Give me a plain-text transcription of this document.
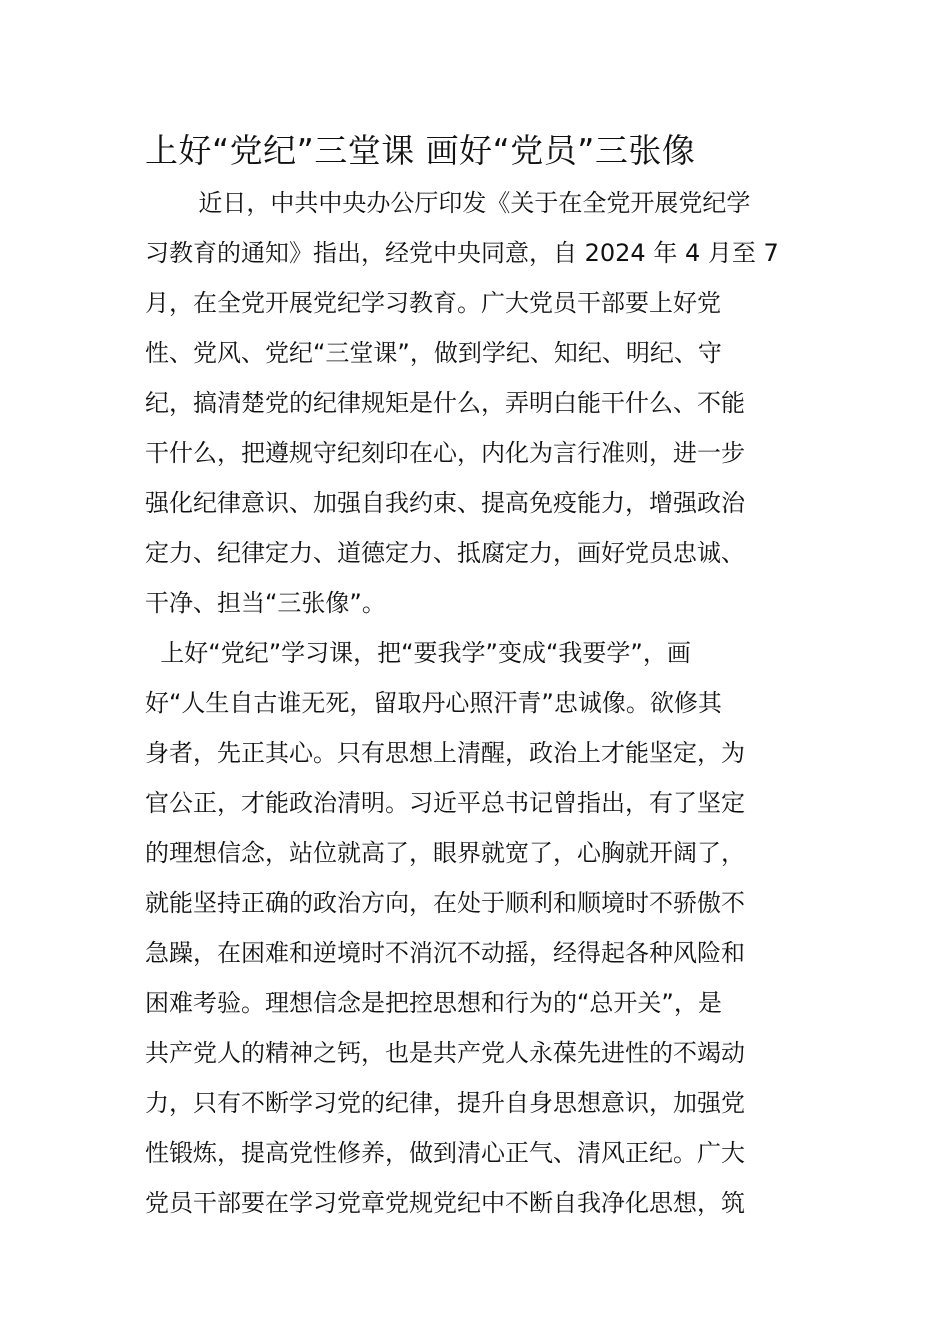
上好“党纪”三堂课 画好“党员”三张像
近日，中共中央办公厅印发《关于在全党开展党纪学
习教育的通知》指出，经党中央同意，自 2024 年 4 月至 7
月，在全党开展党纪学习教育。广大党员干部要上好党
性、党风、党纪“三堂课”，做到学纪、知纪、明纪、守
纪，搞清楚党的纪律规矩是什么，弄明白能干什么、不能
干什么，把遵规守纪刻印在心，内化为言行准则，进一步
强化纪律意识、加强自我约束、提高免疫能力，增强政治
定力、纪律定力、道德定力、抵腐定力，画好党员忠诚、
干净、担当“三张像”。
上好“党纪”学习课，把“要我学”变成“我要学”，画
好“人生自古谁无死，留取丹心照汗青”忠诚像。欲修其
身者，先正其心。只有思想上清醒，政治上才能坚定，为
官公正，才能政治清明。习近平总书记曾指出，有了坚定
的理想信念，站位就高了，眼界就宽了，心胸就开阔了，
就能坚持正确的政治方向，在处于顺利和顺境时不骄傲不
急躁，在困难和逆境时不消沉不动摇，经得起各种风险和
困难考验。理想信念是把控思想和行为的“总开关”，是
共产党人的精神之钙，也是共产党人永葆先进性的不竭动
力，只有不断学习党的纪律，提升自身思想意识，加强党
性锻炼，提高党性修养，做到清心正气、清风正纪。广大
党员干部要在学习党章党规党纪中不断自我净化思想，筑
